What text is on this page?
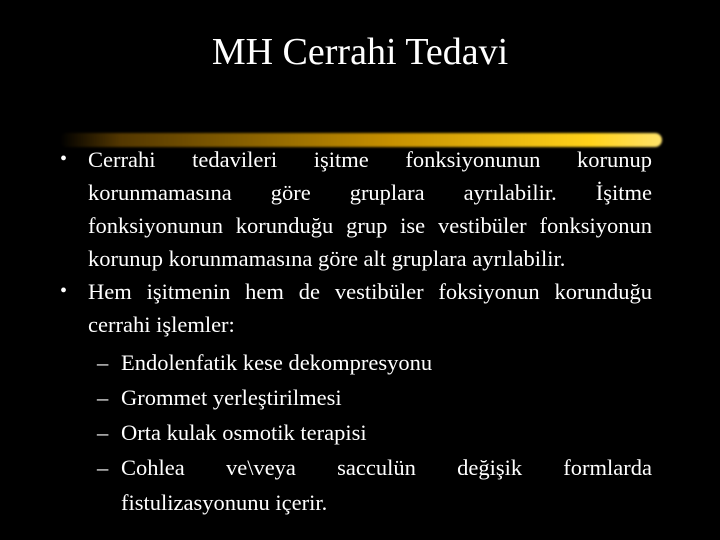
MH Cerrahi Tedavi
• Cerrahi tedavileri işitme fonksiyonunun korunup korunmamasına göre gruplara ayrılabilir. İşitme fonksiyonunun korunduğu grup ise vestibüler fonksiyonun korunup korunmamasına göre alt gruplara ayrılabilir.
• Hem işitmenin hem de vestibüler foksiyonun korunduğu cerrahi işlemler:
– Endolenfatik kese dekompresyonu
– Grommet yerleştirilmesi
– Orta kulak osmotik terapisi
– Cohlea ve\veya sacculün değişik formlarda fistulizasyonunu içerir.
